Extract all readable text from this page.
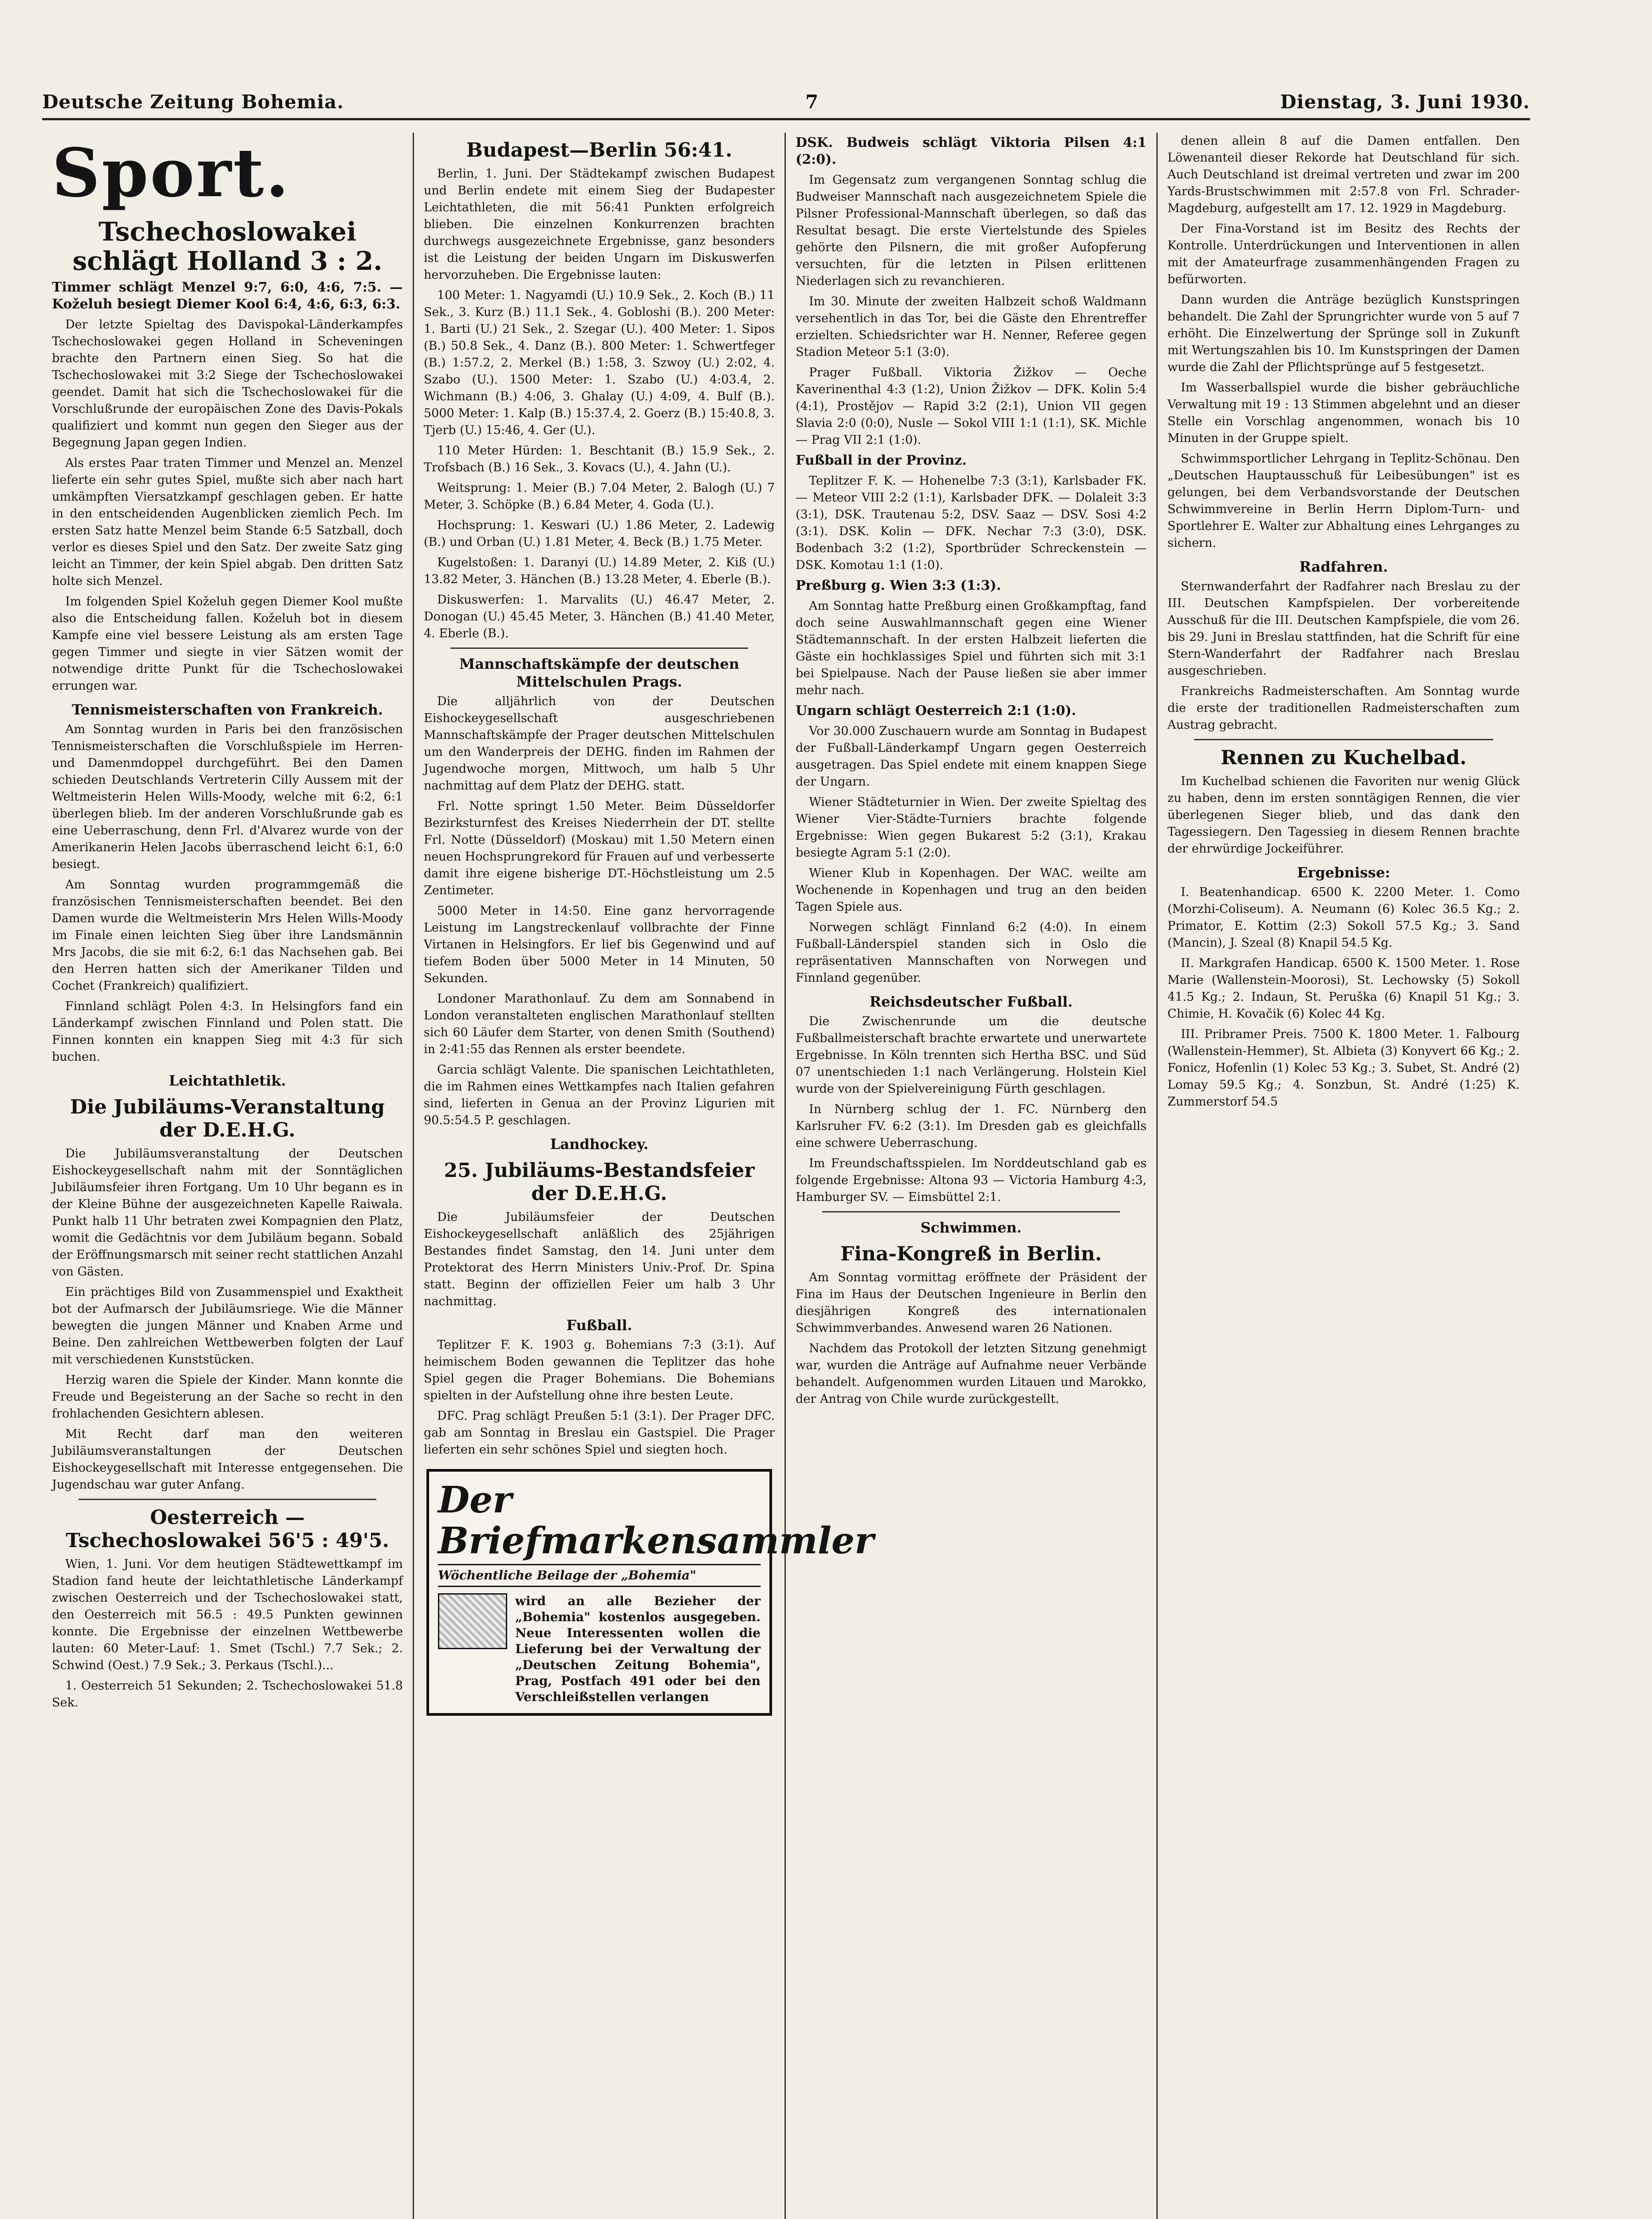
Deutsche Zeitung Bohemia.	7	Dienstag, 3. Juni 1930.
Sport.
Tschechoslowakei schlägt Holland 3 : 2.
Timmer schlägt Menzel 9:7, 6:0, 4:6, 7:5. — Koželuh besiegt Diemer Kool 6:4, 4:6, 6:3, 6:3.

Der letzte Spieltag des Davispokal-Länderkampfes Tschechoslowakei gegen Holland in Scheveningen brachte den Partnern einen Sieg. So hat die Tschechoslowakei mit 3:2 Siege der Tschechoslowakei geendet. Damit hat sich die Tschechoslowakei für die Vorschlußrunde der europäischen Zone des Davis-Pokals qualifiziert und kommt nun gegen den Sieger aus der Begegnung Japan gegen Indien.

Als erstes Paar traten Timmer und Menzel an. Menzel lieferte ein sehr gutes Spiel, mußte sich aber nach hart umkämpften Viersatzkampf geschlagen geben. Er hatte in den entscheidenden Augenblicken ziemlich Pech. Im ersten Satz hatte Menzel beim Stande 6:5 Satzball, doch verlor es dieses Spiel und den Satz. Der zweite Satz ging leicht an Timmer, der kein Spiel abgab. Den dritten Satz holte sich Menzel.

Im folgenden Spiel Koželuh gegen Diemer Kool mußte also die Entscheidung fallen. Koželuh bot in diesem Kampfe eine viel bessere Leistung als am ersten Tage gegen Timmer und siegte in vier Sätzen womit der notwendige dritte Punkt für die Tschechoslowakei errungen war.

Tennismeisterschaften von Frankreich.

Am Sonntag wurden in Paris bei den französischen Tennismeisterschaften die Vorschlußspiele im Herren- und Damenmdoppel durchgeführt. Bei den Damen schieden Deutschlands Vertreterin Cilly Aussem mit der Weltmeisterin Helen Wills-Moody, welche mit 6:2, 6:1 überlegen blieb. Im der anderen Vorschlußrunde gab es eine Ueberraschung, denn Frl. d'Alvarez wurde von der Amerikanerin Helen Jacobs überraschend leicht 6:1, 6:0 besiegt.

Am Sonntag wurden programmgemäß die französischen Tennismeisterschaften beendet. Bei den Damen wurde die Weltmeisterin Mrs Helen Wills-Moody im Finale einen leichten Sieg über ihre Landsmännin Mrs Jacobs, die sie mit 6:2, 6:1 das Nachsehen gab. Bei den Herren hatten sich der Amerikaner Tilden und Cochet (Frankreich) qualifiziert.

Finnland schlägt Polen 4:3. In Helsingfors fand ein Länderkampf zwischen Finnland und Polen statt. Die Finnen konnten ein knappen Sieg mit 4:3 für sich buchen.

Leichtathletik.
Die Jubiläums-Veranstaltung der D.E.H.G.

Die Jubiläumsveranstaltung der Deutschen Eishockeygesellschaft nahm mit der Sonntäglichen Jubiläumsfeier ihren Fortgang. Um 10 Uhr begann es in der Kleine Bühne der ausgezeichneten Kapelle Raiwala. Punkt halb 11 Uhr betraten zwei Kompagnien den Platz, womit die Gedächtnis vor dem Jubiläum begann. Sobald der Eröffnungsmarsch mit seiner recht stattlichen Anzahl von Gästen.

Ein prächtiges Bild von Zusammenspiel und Exaktheit bot der Aufmarsch der Jubiläumsriege. Wie die Männer bewegten die jungen Männer und Knaben Arme und Beine. Den zahlreichen Wettbewerben folgten der Lauf mit verschiedenen Kunststücken.

Herzig waren die Spiele der Kinder. Mann konnte die Freude und Begeisterung an der Sache so recht in den frohlachenden Gesichtern ablesen.

Mit Recht darf man den weiteren Jubiläumsveranstaltungen der Deutschen Eishockeygesellschaft mit Interesse entgegensehen. Die Jugendschau war guter Anfang.

Oesterreich — Tschechoslowakei 56'5 : 49'5.

Wien, 1. Juni. Vor dem heutigen Städtewettkampf im Stadion fand heute der leichtathletische Länderkampf zwischen Oesterreich und der Tschechoslowakei statt, den Oesterreich mit 56.5 : 49.5 Punkten gewinnen konnte. Die Ergebnisse der einzelnen Wettbewerbe lauten: 60 Meter-Lauf: 1. Smet (Tschl.) 7.7 Sek.; 2. Schwind (Oest.) 7.9 Sek.; 3. Perkaus (Tschl.)...

1. Oesterreich 51 Sekunden; 2. Tschechoslowakei 51.8 Sek.

Budapest—Berlin 56:41.

Berlin, 1. Juni. Der Städtekampf zwischen Budapest und Berlin endete mit einem Sieg der Budapester Leichtathleten, die mit 56:41 Punkten erfolgreich blieben. Die einzelnen Konkurrenzen brachten durchwegs ausgezeichnete Ergebnisse, ganz besonders ist die Leistung der beiden Ungarn im Diskuswerfen hervorzuheben. Die Ergebnisse lauten:

100 Meter: 1. Nagyamdi (U.) 10.9 Sek., 2. Koch (B.) 11 Sek., 3. Kurz (B.) 11.1 Sek., 4. Gobloshi (B.). 200 Meter: 1. Barti (U.) 21 Sek., 2. Szegar (U.). 400 Meter: 1. Sipos (B.) 50.8 Sek., 4. Danz (B.). 800 Meter: 1. Schwertfeger (B.) 1:57.2, 2. Merkel (B.) 1:58, 3. Szwoy (U.) 2:02, 4. Szabo (U.). 1500 Meter: 1. Szabo (U.) 4:03.4, 2. Wichmann (B.) 4:06, 3. Ghalay (U.) 4:09, 4. Bulf (B.). 5000 Meter: 1. Kalp (B.) 15:37.4, 2. Goerz (B.) 15:40.8, 3. Tjerb (U.) 15:46, 4. Ger (U.).

110 Meter Hürden: 1. Beschtanit (B.) 15.9 Sek., 2. Trofsbach (B.) 16 Sek., 3. Kovacs (U.), 4. Jahn (U.).

Weitsprung: 1. Meier (B.) 7.04 Meter, 2. Balogh (U.) 7 Meter, 3. Schöpke (B.) 6.84 Meter, 4. Goda (U.).

Hochsprung: 1. Keswari (U.) 1.86 Meter, 2. Ladewig (B.) und Orban (U.) 1.81 Meter, 4. Beck (B.) 1.75 Meter.

Kugelstoßen: 1. Daranyi (U.) 14.89 Meter, 2. Kiß (U.) 13.82 Meter, 3. Hänchen (B.) 13.28 Meter, 4. Eberle (B.).

Diskuswerfen: 1. Marvalits (U.) 46.47 Meter, 2. Donogan (U.) 45.45 Meter, 3. Hänchen (B.) 41.40 Meter, 4. Eberle (B.).

Mannschaftskämpfe der deutschen Mittelschulen Prags.

Die alljährlich von der Deutschen Eishockeygesellschaft ausgeschriebenen Mannschaftskämpfe der Prager deutschen Mittelschulen um den Wanderpreis der DEHG. finden im Rahmen der Jugendwoche morgen, Mittwoch, um halb 5 Uhr nachmittag auf dem Platz der DEHG. statt.

Frl. Notte springt 1.50 Meter. Beim Düsseldorfer Bezirksturnfest des Kreises Niederrhein der DT. stellte Frl. Notte (Düsseldorf) (Moskau) mit 1.50 Metern einen neuen Hochsprungrekord für Frauen auf und verbesserte damit ihre eigene bisherige DT.-Höchstleistung um 2.5 Zentimeter.

5000 Meter in 14:50. Eine ganz hervorragende Leistung im Langstreckenlauf vollbrachte der Finne Virtanen in Helsingfors. Er lief bis Gegenwind und auf tiefem Boden über 5000 Meter in 14 Minuten, 50 Sekunden.

Londoner Marathonlauf. Zu dem am Sonnabend in London veranstalteten englischen Marathonlauf stellten sich 60 Läufer dem Starter, von denen Smith (Southend) in 2:41:55 das Rennen als erster beendete.

Garcia schlägt Valente. Die spanischen Leichtathleten, die im Rahmen eines Wettkampfes nach Italien gefahren sind, lieferten in Genua an der Provinz Ligurien mit 90.5:54.5 P. geschlagen.

Landhockey.
25. Jubiläums-Bestandsfeier der D.E.H.G.

Die Jubiläumsfeier der Deutschen Eishockeygesellschaft anläßlich des 25jährigen Bestandes findet Samstag, den 14. Juni unter dem Protektorat des Herrn Ministers Univ.-Prof. Dr. Spina statt. Beginn der offiziellen Feier um halb 3 Uhr nachmittag.

Fußball.

Teplitzer F. K. 1903 g. Bohemians 7:3 (3:1). Auf heimischem Boden gewannen die Teplitzer das hohe Spiel gegen die Prager Bohemians. Die Bohemians spielten in der Aufstellung ohne ihre besten Leute.

DFC. Prag schlägt Preußen 5:1 (3:1). Der Prager DFC. gab am Sonntag in Breslau ein Gastspiel. Die Prager lieferten ein sehr schönes Spiel und siegten hoch.

Der
Briefmarkensammler
Wöchentliche Beilage der „Bohemia"
wird an alle Bezieher der „Bohemia" kostenlos ausgegeben. Neue Interessenten wollen die Lieferung bei der Verwaltung der „Deutschen Zeitung Bohemia", Prag, Postfach 491 oder bei den Verschleißstellen verlangen
DSK. Budweis schlägt Viktoria Pilsen 4:1 (2:0).

Im Gegensatz zum vergangenen Sonntag schlug die Budweiser Mannschaft nach ausgezeichnetem Spiele die Pilsner Professional-Mannschaft überlegen, so daß das Resultat besagt. Die erste Viertelstunde des Spieles gehörte den Pilsnern, die mit großer Aufopferung versuchten, für die letzten in Pilsen erlittenen Niederlagen sich zu revanchieren.

Im 30. Minute der zweiten Halbzeit schoß Waldmann versehentlich in das Tor, bei die Gäste den Ehrentreffer erzielten. Schiedsrichter war H. Nenner, Referee gegen Stadion Meteor 5:1 (3:0).

Prager Fußball. Viktoria Žižkov — Oeche Kaverinenthal 4:3 (1:2), Union Žižkov — DFK. Kolin 5:4 (4:1), Prostějov — Rapid 3:2 (2:1), Union VII gegen Slavia 2:0 (0:0), Nusle — Sokol VIII 1:1 (1:1), SK. Michle — Prag VII 2:1 (1:0).

Fußball in der Provinz.

Teplitzer F. K. — Hohenelbe 7:3 (3:1), Karlsbader FK. — Meteor VIII 2:2 (1:1), Karlsbader DFK. — Dolaleit 3:3 (3:1), DSK. Trautenau 5:2, DSV. Saaz — DSV. Sosi 4:2 (3:1). DSK. Kolin — DFK. Nechar 7:3 (3:0), DSK. Bodenbach 3:2 (1:2), Sportbrüder Schreckenstein — DSK. Komotau 1:1 (1:0).

Preßburg g. Wien 3:3 (1:3).

Am Sonntag hatte Preßburg einen Großkampftag, fand doch seine Auswahlmannschaft gegen eine Wiener Städtemannschaft. In der ersten Halbzeit lieferten die Gäste ein hochklassiges Spiel und führten sich mit 3:1 bei Spielpause. Nach der Pause ließen sie aber immer mehr nach.

Ungarn schlägt Oesterreich 2:1 (1:0).

Vor 30.000 Zuschauern wurde am Sonntag in Budapest der Fußball-Länderkampf Ungarn gegen Oesterreich ausgetragen. Das Spiel endete mit einem knappen Siege der Ungarn.

Wiener Städteturnier in Wien. Der zweite Spieltag des Wiener Vier-Städte-Turniers brachte folgende Ergebnisse: Wien gegen Bukarest 5:2 (3:1), Krakau besiegte Agram 5:1 (2:0).

Wiener Klub in Kopenhagen. Der WAC. weilte am Wochenende in Kopenhagen und trug an den beiden Tagen Spiele aus.

Norwegen schlägt Finnland 6:2 (4:0). In einem Fußball-Länderspiel standen sich in Oslo die repräsentativen Mannschaften von Norwegen und Finnland gegenüber.

Reichsdeutscher Fußball.

Die Zwischenrunde um die deutsche Fußballmeisterschaft brachte erwartete und unerwartete Ergebnisse. In Köln trennten sich Hertha BSC. und Süd 07 unentschieden 1:1 nach Verlängerung. Holstein Kiel wurde von der Spielvereinigung Fürth geschlagen.

In Nürnberg schlug der 1. FC. Nürnberg den Karlsruher FV. 6:2 (3:1). Im Dresden gab es gleichfalls eine schwere Ueberraschung.

Im Freundschaftsspielen. Im Norddeutschland gab es folgende Ergebnisse: Altona 93 — Victoria Hamburg 4:3, Hamburger SV. — Eimsbüttel 2:1.

Schwimmen.
Fina-Kongreß in Berlin.

Am Sonntag vormittag eröffnete der Präsident der Fina im Haus der Deutschen Ingenieure in Berlin den diesjährigen Kongreß des internationalen Schwimmverbandes. Anwesend waren 26 Nationen.

Nachdem das Protokoll der letzten Sitzung genehmigt war, wurden die Anträge auf Aufnahme neuer Verbände behandelt. Aufgenommen wurden Litauen und Marokko, der Antrag von Chile wurde zurückgestellt.

denen allein 8 auf die Damen entfallen. Den Löwenanteil dieser Rekorde hat Deutschland für sich. Auch Deutschland ist dreimal vertreten und zwar im 200 Yards-Brustschwimmen mit 2:57.8 von Frl. Schrader-Magdeburg, aufgestellt am 17. 12. 1929 in Magdeburg.

Der Fina-Vorstand ist im Besitz des Rechts der Kontrolle. Unterdrückungen und Interventionen in allen mit der Amateurfrage zusammenhängenden Fragen zu befürworten.

Dann wurden die Anträge bezüglich Kunstspringen behandelt. Die Zahl der Sprungrichter wurde von 5 auf 7 erhöht. Die Einzelwertung der Sprünge soll in Zukunft mit Wertungszahlen bis 10. Im Kunstspringen der Damen wurde die Zahl der Pflichtsprünge auf 5 festgesetzt.

Im Wasserballspiel wurde die bisher gebräuchliche Verwaltung mit 19 : 13 Stimmen abgelehnt und an dieser Stelle ein Vorschlag angenommen, wonach bis 10 Minuten in der Gruppe spielt.

Schwimmsportlicher Lehrgang in Teplitz-Schönau. Den „Deutschen Hauptausschuß für Leibesübungen" ist es gelungen, bei dem Verbandsvorstande der Deutschen Schwimmvereine in Berlin Herrn Diplom-Turn- und Sportlehrer E. Walter zur Abhaltung eines Lehrganges zu sichern.

Radfahren.

Sternwanderfahrt der Radfahrer nach Breslau zu der III. Deutschen Kampfspielen. Der vorbereitende Ausschuß für die III. Deutschen Kampfspiele, die vom 26. bis 29. Juni in Breslau stattfinden, hat die Schrift für eine Stern-Wanderfahrt der Radfahrer nach Breslau ausgeschrieben.

Frankreichs Radmeisterschaften. Am Sonntag wurde die erste der traditionellen Radmeisterschaften zum Austrag gebracht.

Rennen zu Kuchelbad.

Im Kuchelbad schienen die Favoriten nur wenig Glück zu haben, denn im ersten sonntägigen Rennen, die vier überlegenen Sieger blieb, und das dank den Tagessiegern. Den Tagessieg in diesem Rennen brachte der ehrwürdige Jockeiführer.

Ergebnisse:

I. Beatenhandicap. 6500 K. 2200 Meter. 1. Como (Morzhi-Coliseum). A. Neumann (6) Kolec 36.5 Kg.; 2. Primator, E. Kottim (2:3) Sokoll 57.5 Kg.; 3. Sand (Mancin), J. Szeal (8) Knapil 54.5 Kg.

II. Markgrafen Handicap. 6500 K. 1500 Meter. 1. Rose Marie (Wallenstein-Moorosi), St. Lechowsky (5) Sokoll 41.5 Kg.; 2. Indaun, St. Peruška (6) Knapil 51 Kg.; 3. Chimie, H. Kovačik (6) Kolec 44 Kg.

III. Pribramer Preis. 7500 K. 1800 Meter. 1. Falbourg (Wallenstein-Hemmer), St. Albieta (3) Konyvert 66 Kg.; 2. Fonicz, Hofenlin (1) Kolec 53 Kg.; 3. Subet, St. André (2) Lomay 59.5 Kg.; 4. Sonzbun, St. André (1:25) K. Zummerstorf 54.5
